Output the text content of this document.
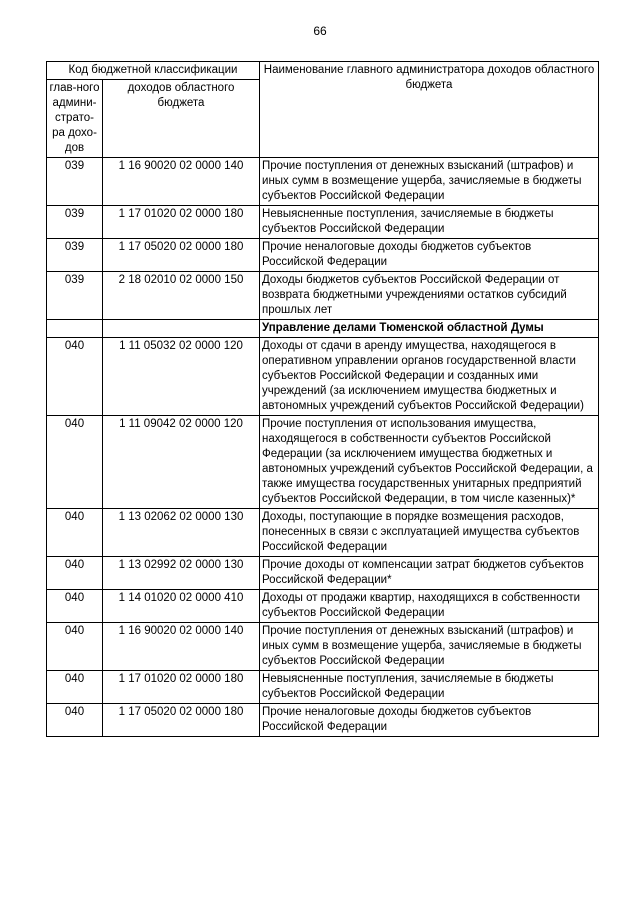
66
Код бюджетной классификации		Наименование главного администратора доходов областного бюджета
глав-ного админи-страто-ра дохо-дов	доходов областного бюджета	
039	1 16 90020 02 0000 140	Прочие поступления от денежных взысканий (штрафов) и иных сумм в возмещение ущерба, зачисляемые в бюджеты субъектов Российской Федерации
039	1 17 01020 02 0000 180	Невыясненные поступления, зачисляемые в бюджеты субъектов Российской Федерации
039	1 17 05020 02 0000 180	Прочие неналоговые доходы бюджетов субъектов Российской Федерации
039	2 18 02010 02 0000 150	Доходы бюджетов субъектов Российской Федерации от возврата бюджетными учреждениями остатков субсидий прошлых лет
		Управление делами Тюменской областной Думы
040	1 11 05032 02 0000 120	Доходы от сдачи в аренду имущества, находящегося в оперативном управлении органов государственной власти субъектов Российской Федерации и созданных ими учреждений (за исключением имущества бюджетных и автономных учреждений субъектов Российской Федерации)
040	1 11 09042 02 0000 120	Прочие поступления от использования имущества, находящегося в собственности субъектов Российской Федерации (за исключением имущества бюджетных и автономных учреждений субъектов Российской Федерации, а также имущества государственных унитарных предприятий субъектов Российской Федерации, в том числе казенных)*
040	1 13 02062 02 0000 130	Доходы, поступающие в порядке возмещения расходов, понесенных в связи с эксплуатацией имущества субъектов Российской Федерации
040	1 13 02992 02 0000 130	Прочие доходы от компенсации затрат бюджетов субъектов Российской Федерации*
040	1 14 01020 02 0000 410	Доходы от продажи квартир, находящихся в собственности субъектов Российской Федерации
040	1 16 90020 02 0000 140	Прочие поступления от денежных взысканий (штрафов) и иных сумм в возмещение ущерба, зачисляемые в бюджеты субъектов Российской Федерации
040	1 17 01020 02 0000 180	Невыясненные поступления, зачисляемые в бюджеты субъектов Российской Федерации
040	1 17 05020 02 0000 180	Прочие неналоговые доходы бюджетов субъектов Российской Федерации
